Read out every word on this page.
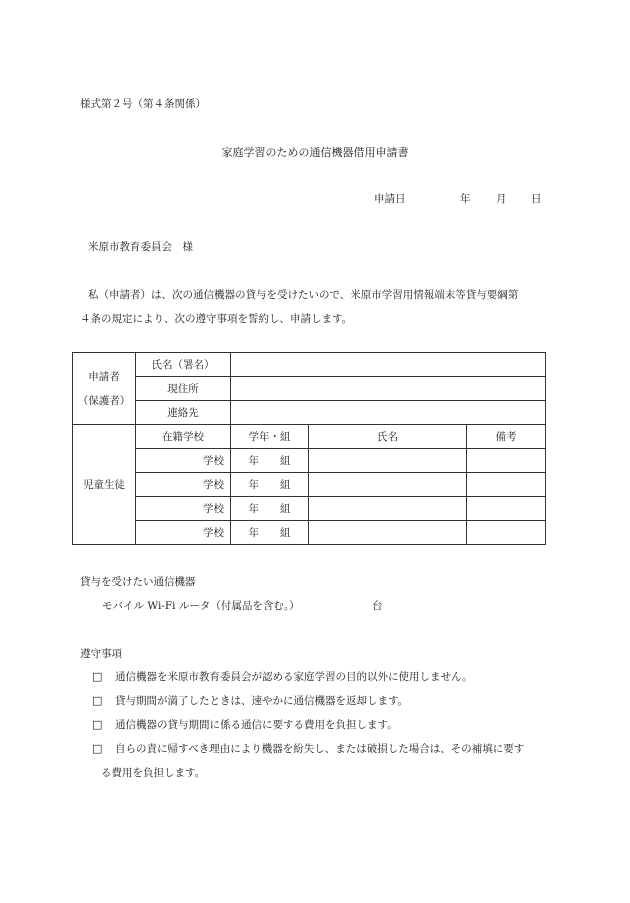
様式第２号（第４条関係）
家庭学習のための通信機器借用申請書
申請日	年 月 日
米原市教育委員会　様
私（申請者）は、次の通信機器の貸与を受けたいので、米原市学習用情報端末等貸与要綱第
４条の規定により、次の遵守事項を誓約し、申請します。
申請者
（保護者）	氏名（署名）			
	現住所			
	連絡先			
児童生徒	在籍学校	学年・組	氏名	備考
	学校	年　　組		
	学校	年　　組		
	学校	年　　組		
	学校	年　　組		
貸与を受けたい通信機器
モバイル Wi-Fi ルータ（付属品を含む。）	台
遵守事項
□ 通信機器を米原市教育委員会が認める家庭学習の目的以外に使用しません。
□ 貸与期間が満了したときは、速やかに通信機器を返却します。
□ 通信機器の貸与期間に係る通信に要する費用を負担します。
□ 自らの責に帰すべき理由により機器を紛失し、または破損した場合は、その補填に要す
る費用を負担します。
